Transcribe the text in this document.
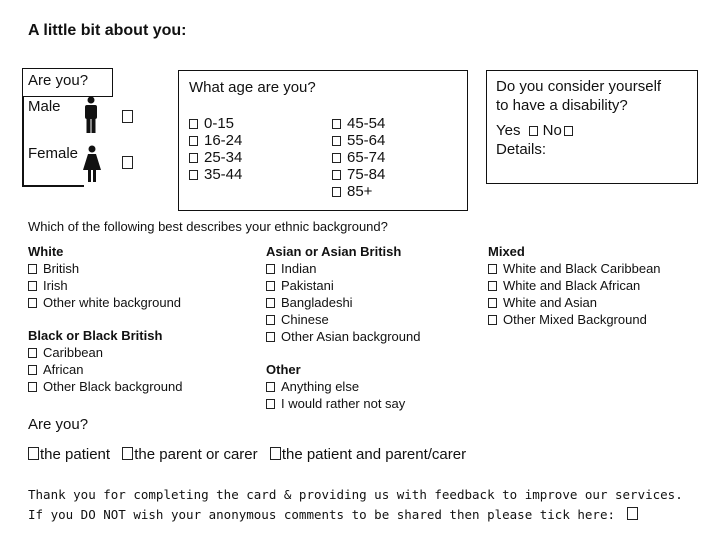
A little bit about you:
Are you?
Male
Female
What age are you?
0-15
16-24
25-34
35-44
45-54
55-64
65-74
75-84
85+
Do you consider yourself
to have a disability?
Yes No
Details:
Which of the following best describes your ethnic background?
White
British
Irish
Other white background
Black or Black British
Caribbean
African
Other Black background
Asian or Asian British
Indian
Pakistani
Bangladeshi
Chinese
Other Asian background
Other
Anything else
I would rather not say
Mixed
White and Black Caribbean
White and Black African
White and Asian
Other Mixed Background
Are you?
the patient the parent or carer the patient and parent/carer
Thank you for completing the card & providing us with feedback to improve our services.
If you DO NOT wish your anonymous comments to be shared then please tick here:
